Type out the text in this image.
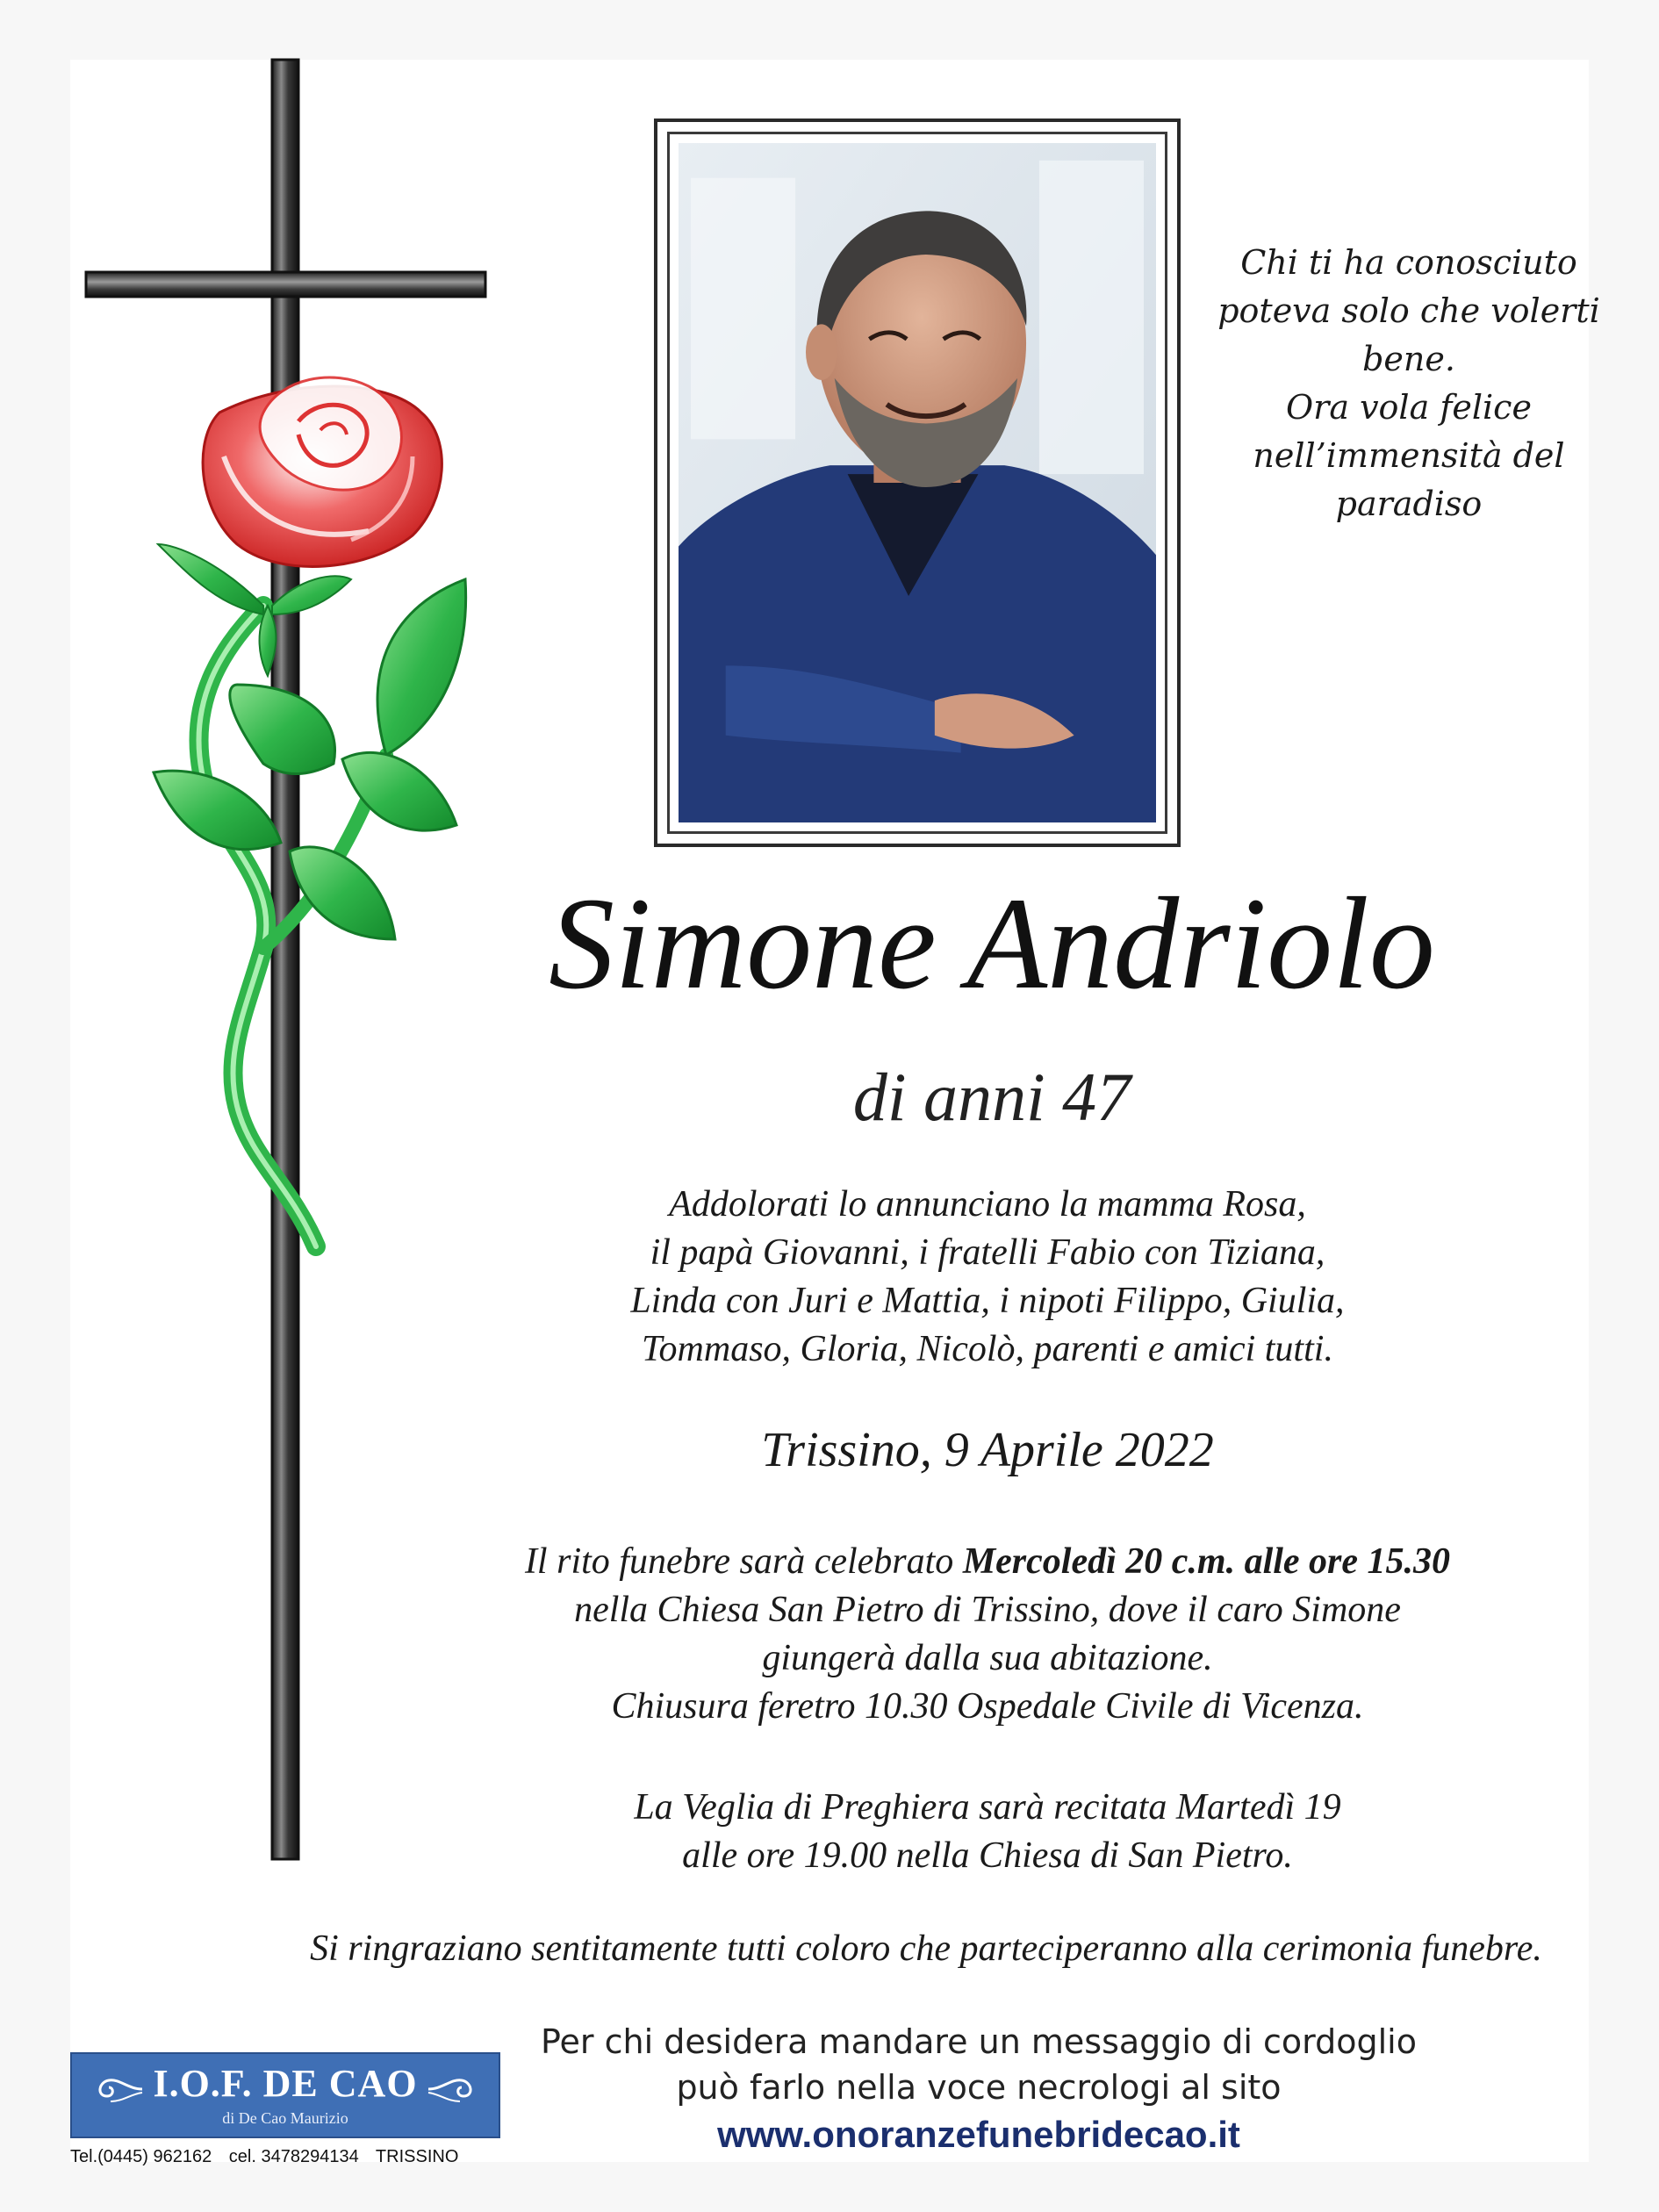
Chi ti ha conosciuto
poteva solo che volerti
bene.
Ora vola felice
nell’immensità del
paradiso
Simone Andriolo
di anni 47
Addolorati lo annunciano la mamma Rosa,
il papà Giovanni, i fratelli Fabio con Tiziana,
Linda con Juri e Mattia, i nipoti Filippo, Giulia,
Tommaso, Gloria, Nicolò, parenti e amici tutti.
Trissino, 9 Aprile 2022
Il rito funebre sarà celebrato Mercoledì 20 c.m. alle ore 15.30
nella Chiesa San Pietro di Trissino, dove il caro Simone
giungerà dalla sua abitazione.
Chiusura feretro 10.30 Ospedale Civile di Vicenza.
La Veglia di Preghiera sarà recitata Martedì 19
alle ore 19.00 nella Chiesa di San Pietro.
Si ringraziano sentitamente tutti coloro che parteciperanno alla cerimonia funebre.
Per chi desidera mandare un messaggio di cordoglio
può farlo nella voce necrologi al sito
www.onoranzefunebridecao.it
I.O.F. DE CAO
di De Cao Maurizio
Tel.(0445) 962162 cel. 3478294134 TRISSINO
